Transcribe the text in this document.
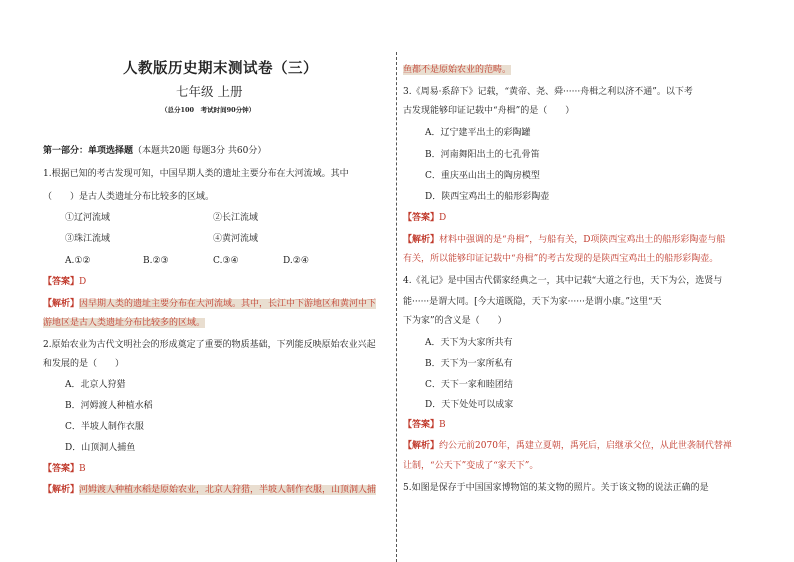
人教版历史期末测试卷（三）
七年级 上册
（总分100　考试时间90分钟）
第一部分：单项选择题（本题共20题 每题3分 共60分）
1.根据已知的考古发现可知，中国早期人类的遗址主要分布在大河流域。其中
（　　）是古人类遗址分布比较多的区域。
①辽河流域	②长江流域
③珠江流域	④黄河流域
A.①②	B.②③	C.③④	D.②④
【答案】D
【解析】因早期人类的遗址主要分布在大河流域。其中，长江中下游地区和黄河中下
游地区是古人类遗址分布比较多的区域。
2.原始农业为古代文明社会的形成奠定了重要的物质基础，下列能反映原始农业兴起
和发展的是（　　）
A．北京人狩猎
B．河姆渡人种植水稻
C．半坡人制作衣服
D．山顶洞人捕鱼
【答案】B
【解析】河姆渡人种植水稻是原始农业，北京人狩猎，半坡人制作衣服，山顶洞人捕
鱼都不是原始农业的范畴。
3.《周易·系辞下》记载，“黄帝、尧、舜······舟楫之利以济不通”。以下考
古发现能够印证记载中“舟楫”的是（　　）
A．辽宁建平出土的彩陶罐
B．河南舞阳出土的七孔骨笛
C．重庆巫山出土的陶房模型
D．陕西宝鸡出土的船形彩陶壶
【答案】D
【解析】材料中强调的是“舟楫”，与船有关，D项陕西宝鸡出土的船形彩陶壶与船
有关，所以能够印证记载中“舟楫”的考古发现的是陕西宝鸡出土的船形彩陶壶。
4.《礼记》是中国古代儒家经典之一，其中记载“大道之行也，天下为公，选贤与
能······是谓大同。[今大道既隐，天下为家······是谓小康。”这里“天
下为家”的含义是（　　）
A．天下为大家所共有
B．天下为一家所私有
C．天下一家和睦团结
D．天下处处可以成家
【答案】B
【解析】约公元前2070年，禹建立夏朝，禹死后，启继承父位，从此世袭制代替禅
让制，“公天下”变成了“家天下”。
5.如图是保存于中国国家博物馆的某文物的照片。关于该文物的说法正确的是
